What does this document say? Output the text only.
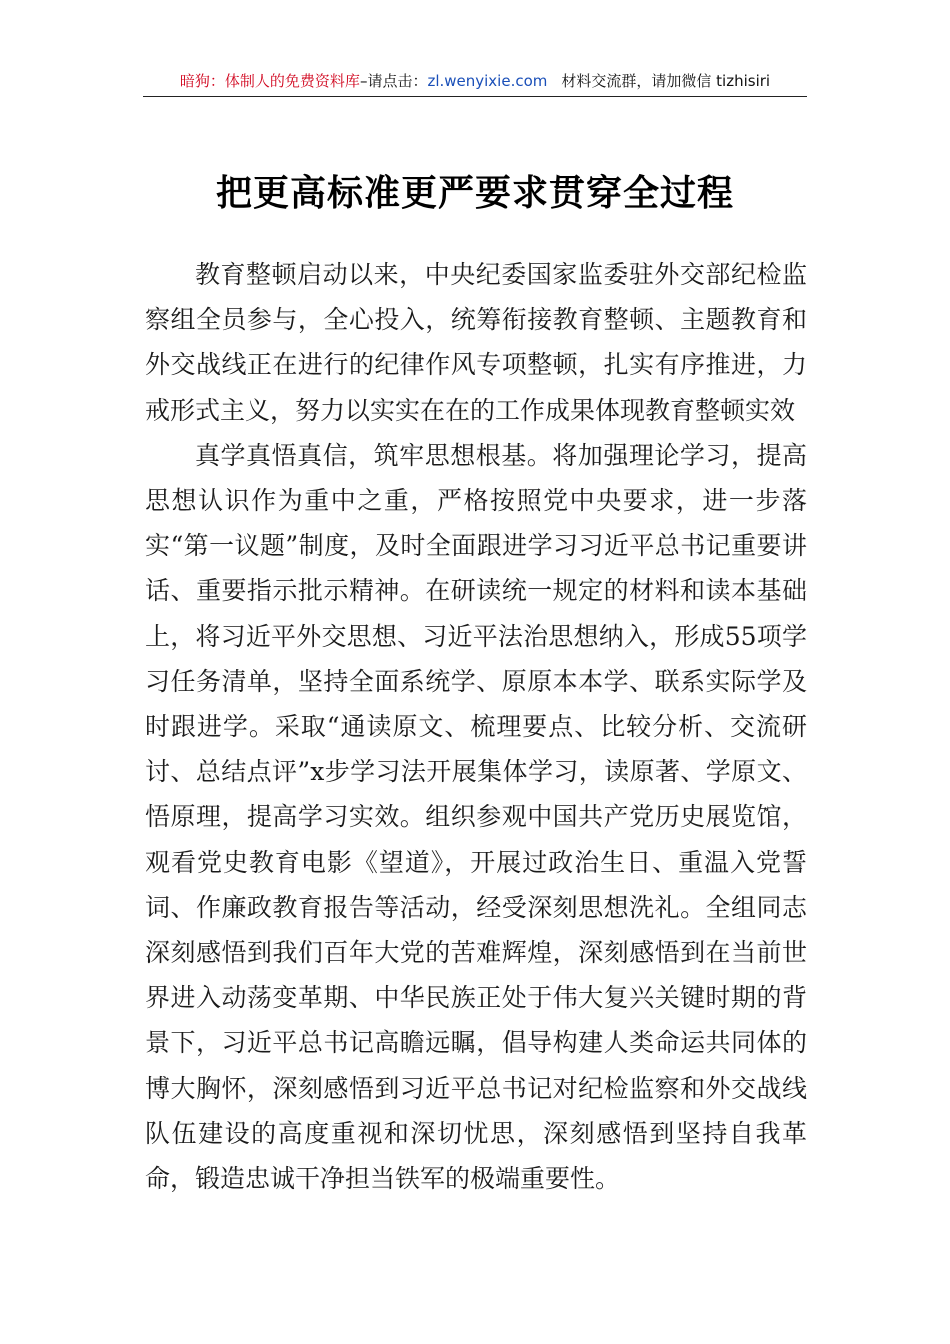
暗狗：体制人的免费资料库–请点击：zl.wenyixie.com 材料交流群，请加微信 tizhisiri
把更高标准更严要求贯穿全过程

教育整顿启动以来，中央纪委国家监委驻外交部纪检监察组全员参与，全心投入，统筹衔接教育整顿、主题教育和外交战线正在进行的纪律作风专项整顿，扎实有序推进，力戒形式主义，努力以实实在在的工作成果体现教育整顿实效

真学真悟真信，筑牢思想根基。将加强理论学习，提高思想认识作为重中之重，严格按照党中央要求，进一步落实“第一议题”制度，及时全面跟进学习习近平总书记重要讲话、重要指示批示精神。在研读统一规定的材料和读本基础上，将习近平外交思想、习近平法治思想纳入，形成55项学习任务清单，坚持全面系统学、原原本本学、联系实际学及时跟进学。采取“通读原文、梳理要点、比较分析、交流研讨、总结点评”x步学习法开展集体学习，读原著、学原文、悟原理，提高学习实效。组织参观中国共产党历史展览馆，观看党史教育电影《望道》，开展过政治生日、重温入党誓词、作廉政教育报告等活动，经受深刻思想洗礼。全组同志深刻感悟到我们百年大党的苦难辉煌，深刻感悟到在当前世界进入动荡变革期、中华民族正处于伟大复兴关键时期的背景下，习近平总书记高瞻远瞩，倡导构建人类命运共同体的博大胸怀，深刻感悟到习近平总书记对纪检监察和外交战线队伍建设的高度重视和深切忧思，深刻感悟到坚持自我革命，锻造忠诚干净担当铁军的极端重要性。
